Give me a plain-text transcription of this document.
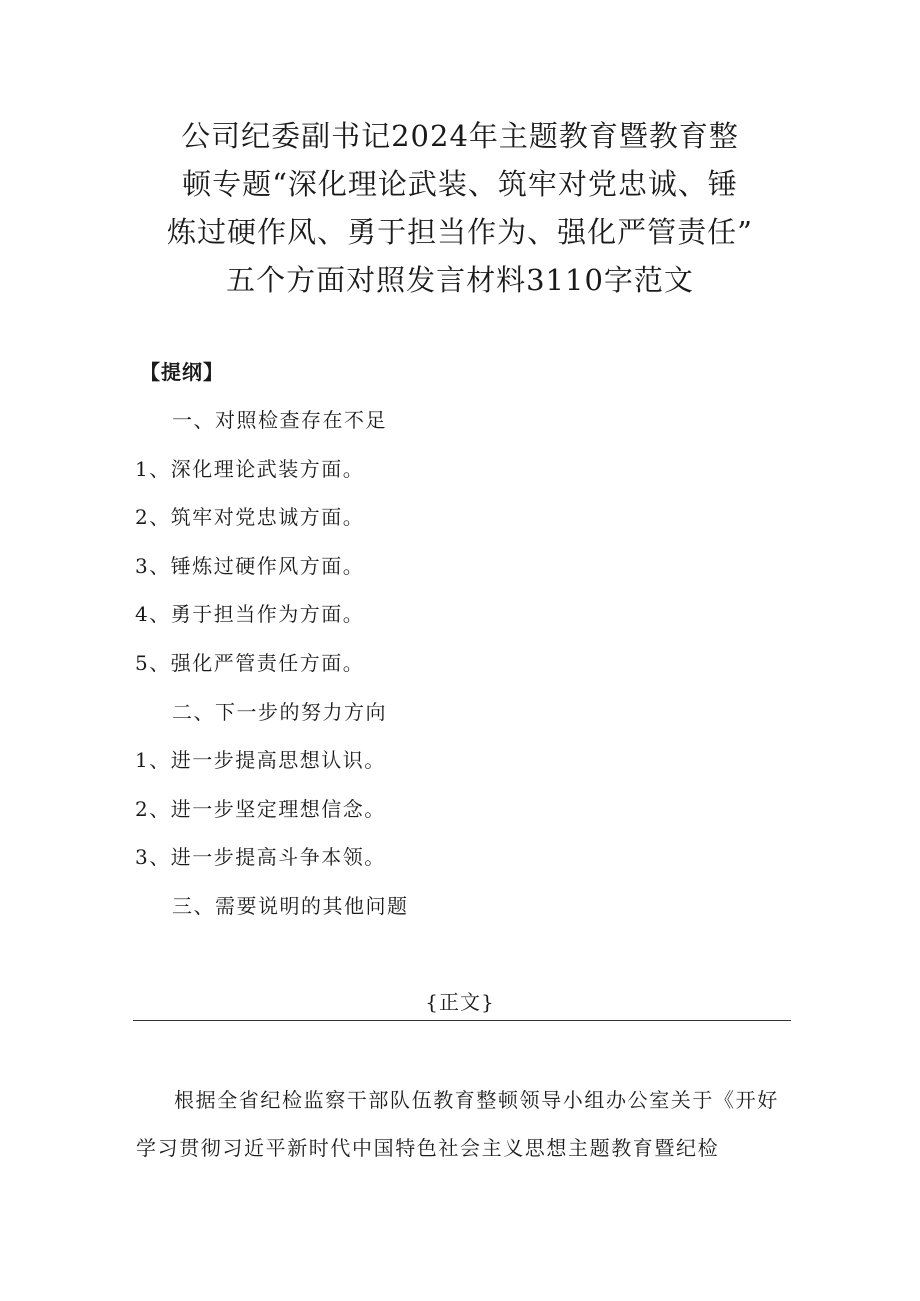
公司纪委副书记2024年主题教育暨教育整
顿专题“深化理论武装、筑牢对党忠诚、锤
炼过硬作风、勇于担当作为、强化严管责任”
五个方面对照发言材料3110字范文
【提纲】
一、对照检查存在不足
1、深化理论武装方面。
2、筑牢对党忠诚方面。
3、锤炼过硬作风方面。
4、勇于担当作为方面。
5、强化严管责任方面。
二、下一步的努力方向
1、进一步提高思想认识。
2、进一步坚定理想信念。
3、进一步提高斗争本领。
三、需要说明的其他问题
{正文}

根据全省纪检监察干部队伍教育整顿领导小组办公室关于《开好学习贯彻习近平新时代中国特色社会主义思想主题教育暨纪检
